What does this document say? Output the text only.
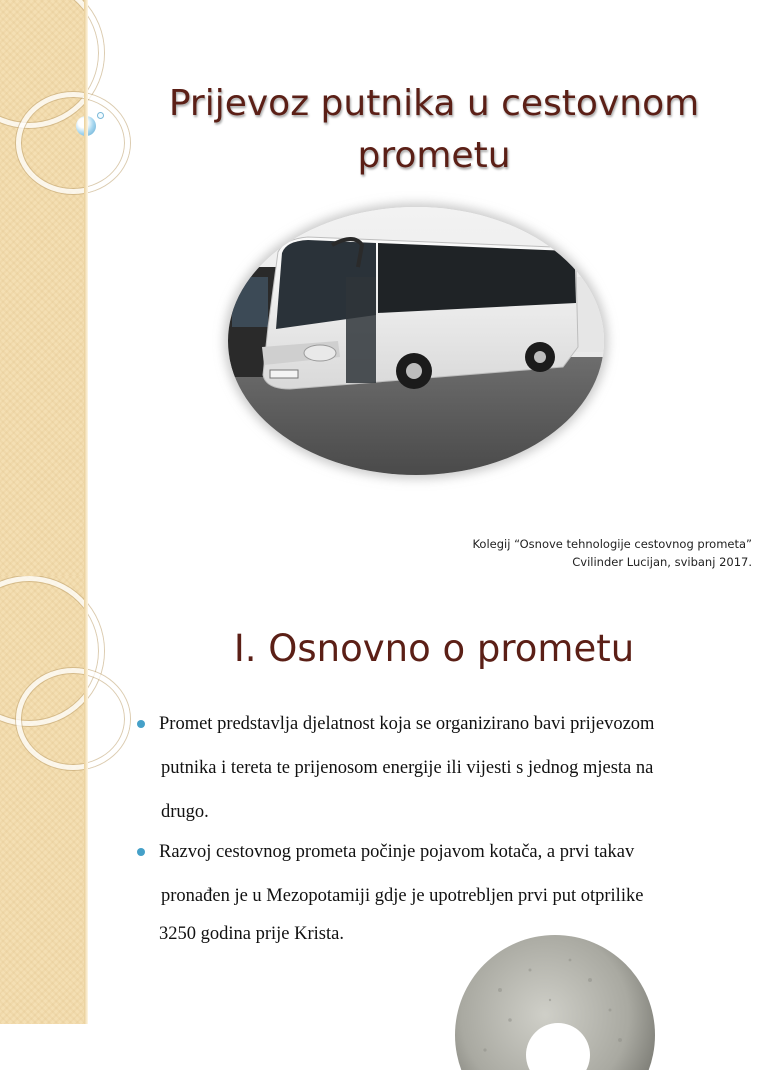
Prijevoz putnika u cestovnom prometu
Kolegij “Osnove tehnologije cestovnog prometa”
Cvilinder Lucijan, svibanj 2017.
I. Osnovno o prometu
Promet predstavlja djelatnost koja se organizirano bavi prijevozom
putnika i tereta te prijenosom energije ili vijesti s jednog mjesta na
drugo.
Razvoj cestovnog prometa počinje pojavom kotača, a prvi takav
pronađen je u Mezopotamiji gdje je upotrebljen prvi put otprilike
3250 godina prije Krista.
